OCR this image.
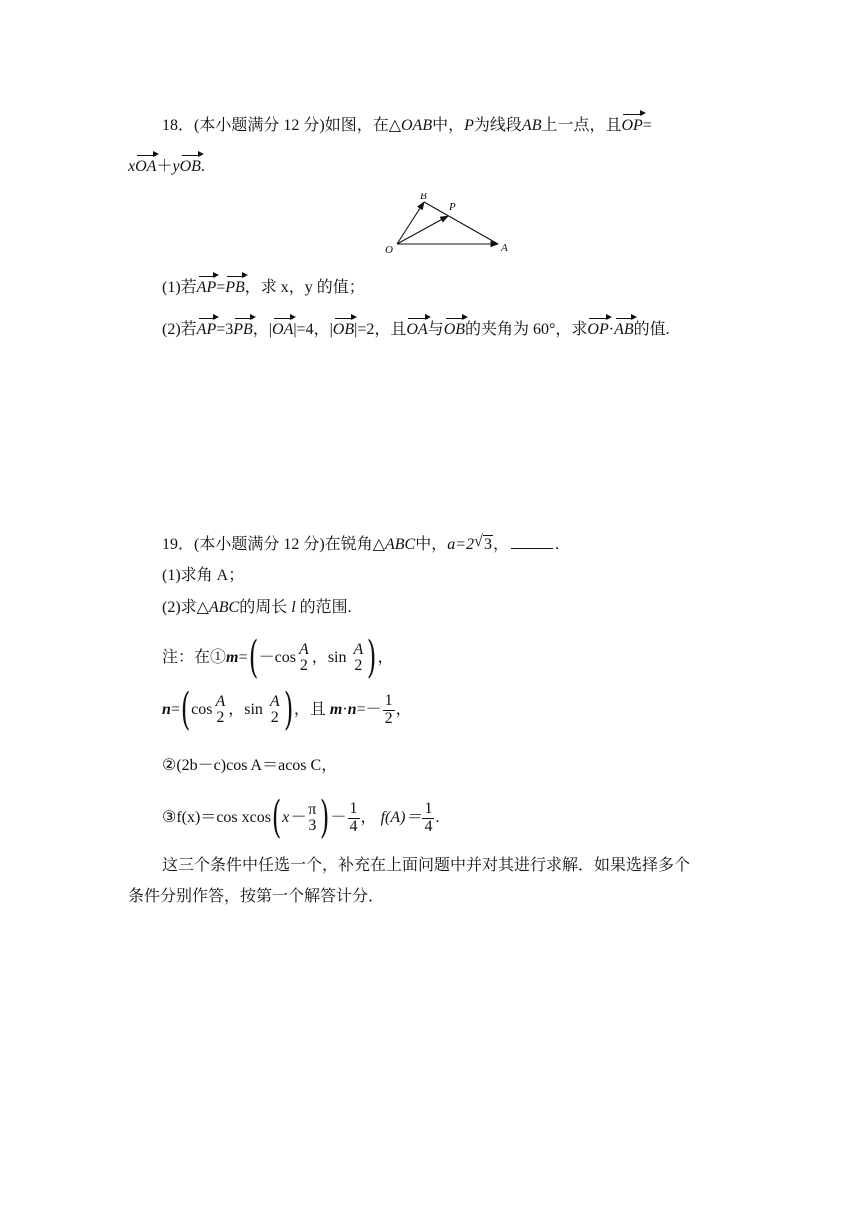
18．(本小题满分 12 分)如图，在△OAB中，P为线段AB上一点，且OP=
xOA＋yOB.
B
P
O	A
(1)若AP=PB，求 x，y 的值；
(2)若AP=3PB，|OA|=4，|OB|=2，且OA与OB的夹角为 60°，求OP·AB的值.
19．(本小题满分 12 分)在锐角△ABC中，a=2√ 3，	.
(1)求角 A；
(2)求△ABC的周长 l 的范围.
注：在①m=(－cos A
2 ，sin A
2 )，
n=(cos A
2 ，sin A
2 )，且 $m\cdot n=- \frac{1}{2}$ ，
②(2b－c)cos A＝acos C，
③f(x)＝cos xcos(x－ π
3 )－ $\frac{1}{4}$ ， $f(A)= \frac{1}{4}$ .
这三个条件中任选一个，补充在上面问题中并对其进行求解．如果选择多个
条件分别作答，按第一个解答计分．
